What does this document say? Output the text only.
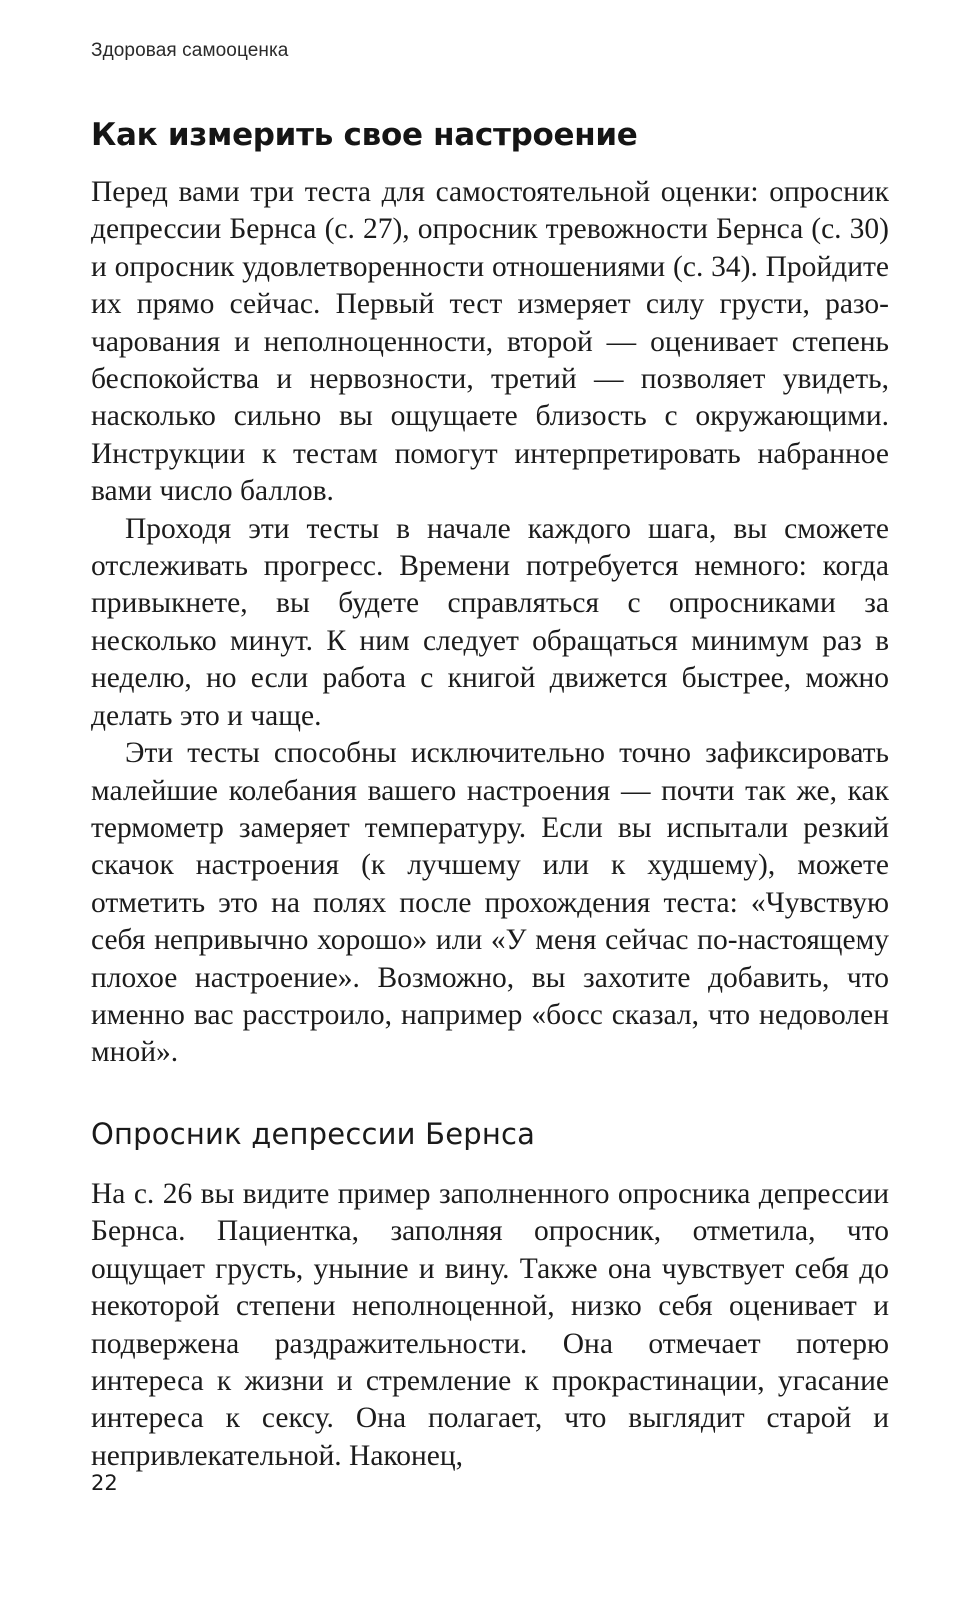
Здоровая самооценка
Как измерить свое настроение

Перед вами три теста для самостоятельной оценки: опросник депрессии Бернса (с. 27), опросник тревожности Бернса (с. 30) и опросник удовлетворенности отношениями (с. 34). Пройдите их прямо сейчас. Первый тест измеряет силу грусти, разочарования и неполноценности, второй — оценивает степень беспокойства и нервозности, третий — позволяет увидеть, насколько сильно вы ощущаете близость с окружающими. Инструкции к тестам помогут интерпретировать набранное вами число баллов.

Проходя эти тесты в начале каждого шага, вы сможете отслеживать прогресс. Времени потребуется немного: когда привыкнете, вы будете справляться с опросниками за несколько минут. К ним следует обращаться минимум раз в неделю, но если работа с книгой движется быстрее, можно делать это и чаще.

Эти тесты способны исключительно точно зафиксировать малейшие колебания вашего настроения — почти так же, как термометр замеряет температуру. Если вы испытали резкий скачок настроения (к лучшему или к худшему), можете отметить это на полях после прохождения теста: «Чувствую себя непривычно хорошо» или «У меня сейчас по-настоящему плохое настроение». Возможно, вы захотите добавить, что именно вас расстроило, например «босс сказал, что недоволен мной».

Опросник депрессии Бернса

На с. 26 вы видите пример заполненного опросника депрессии Бернса. Пациентка, заполняя опросник, отметила, что ощущает грусть, уныние и вину. Также она чувствует себя до некоторой степени неполноценной, низко себя оценивает и подвержена раздражительности. Она отмечает потерю интереса к жизни и стремление к прокрастинации, угасание интереса к сексу. Она полагает, что выглядит старой и непривлекательной. Наконец,

22
